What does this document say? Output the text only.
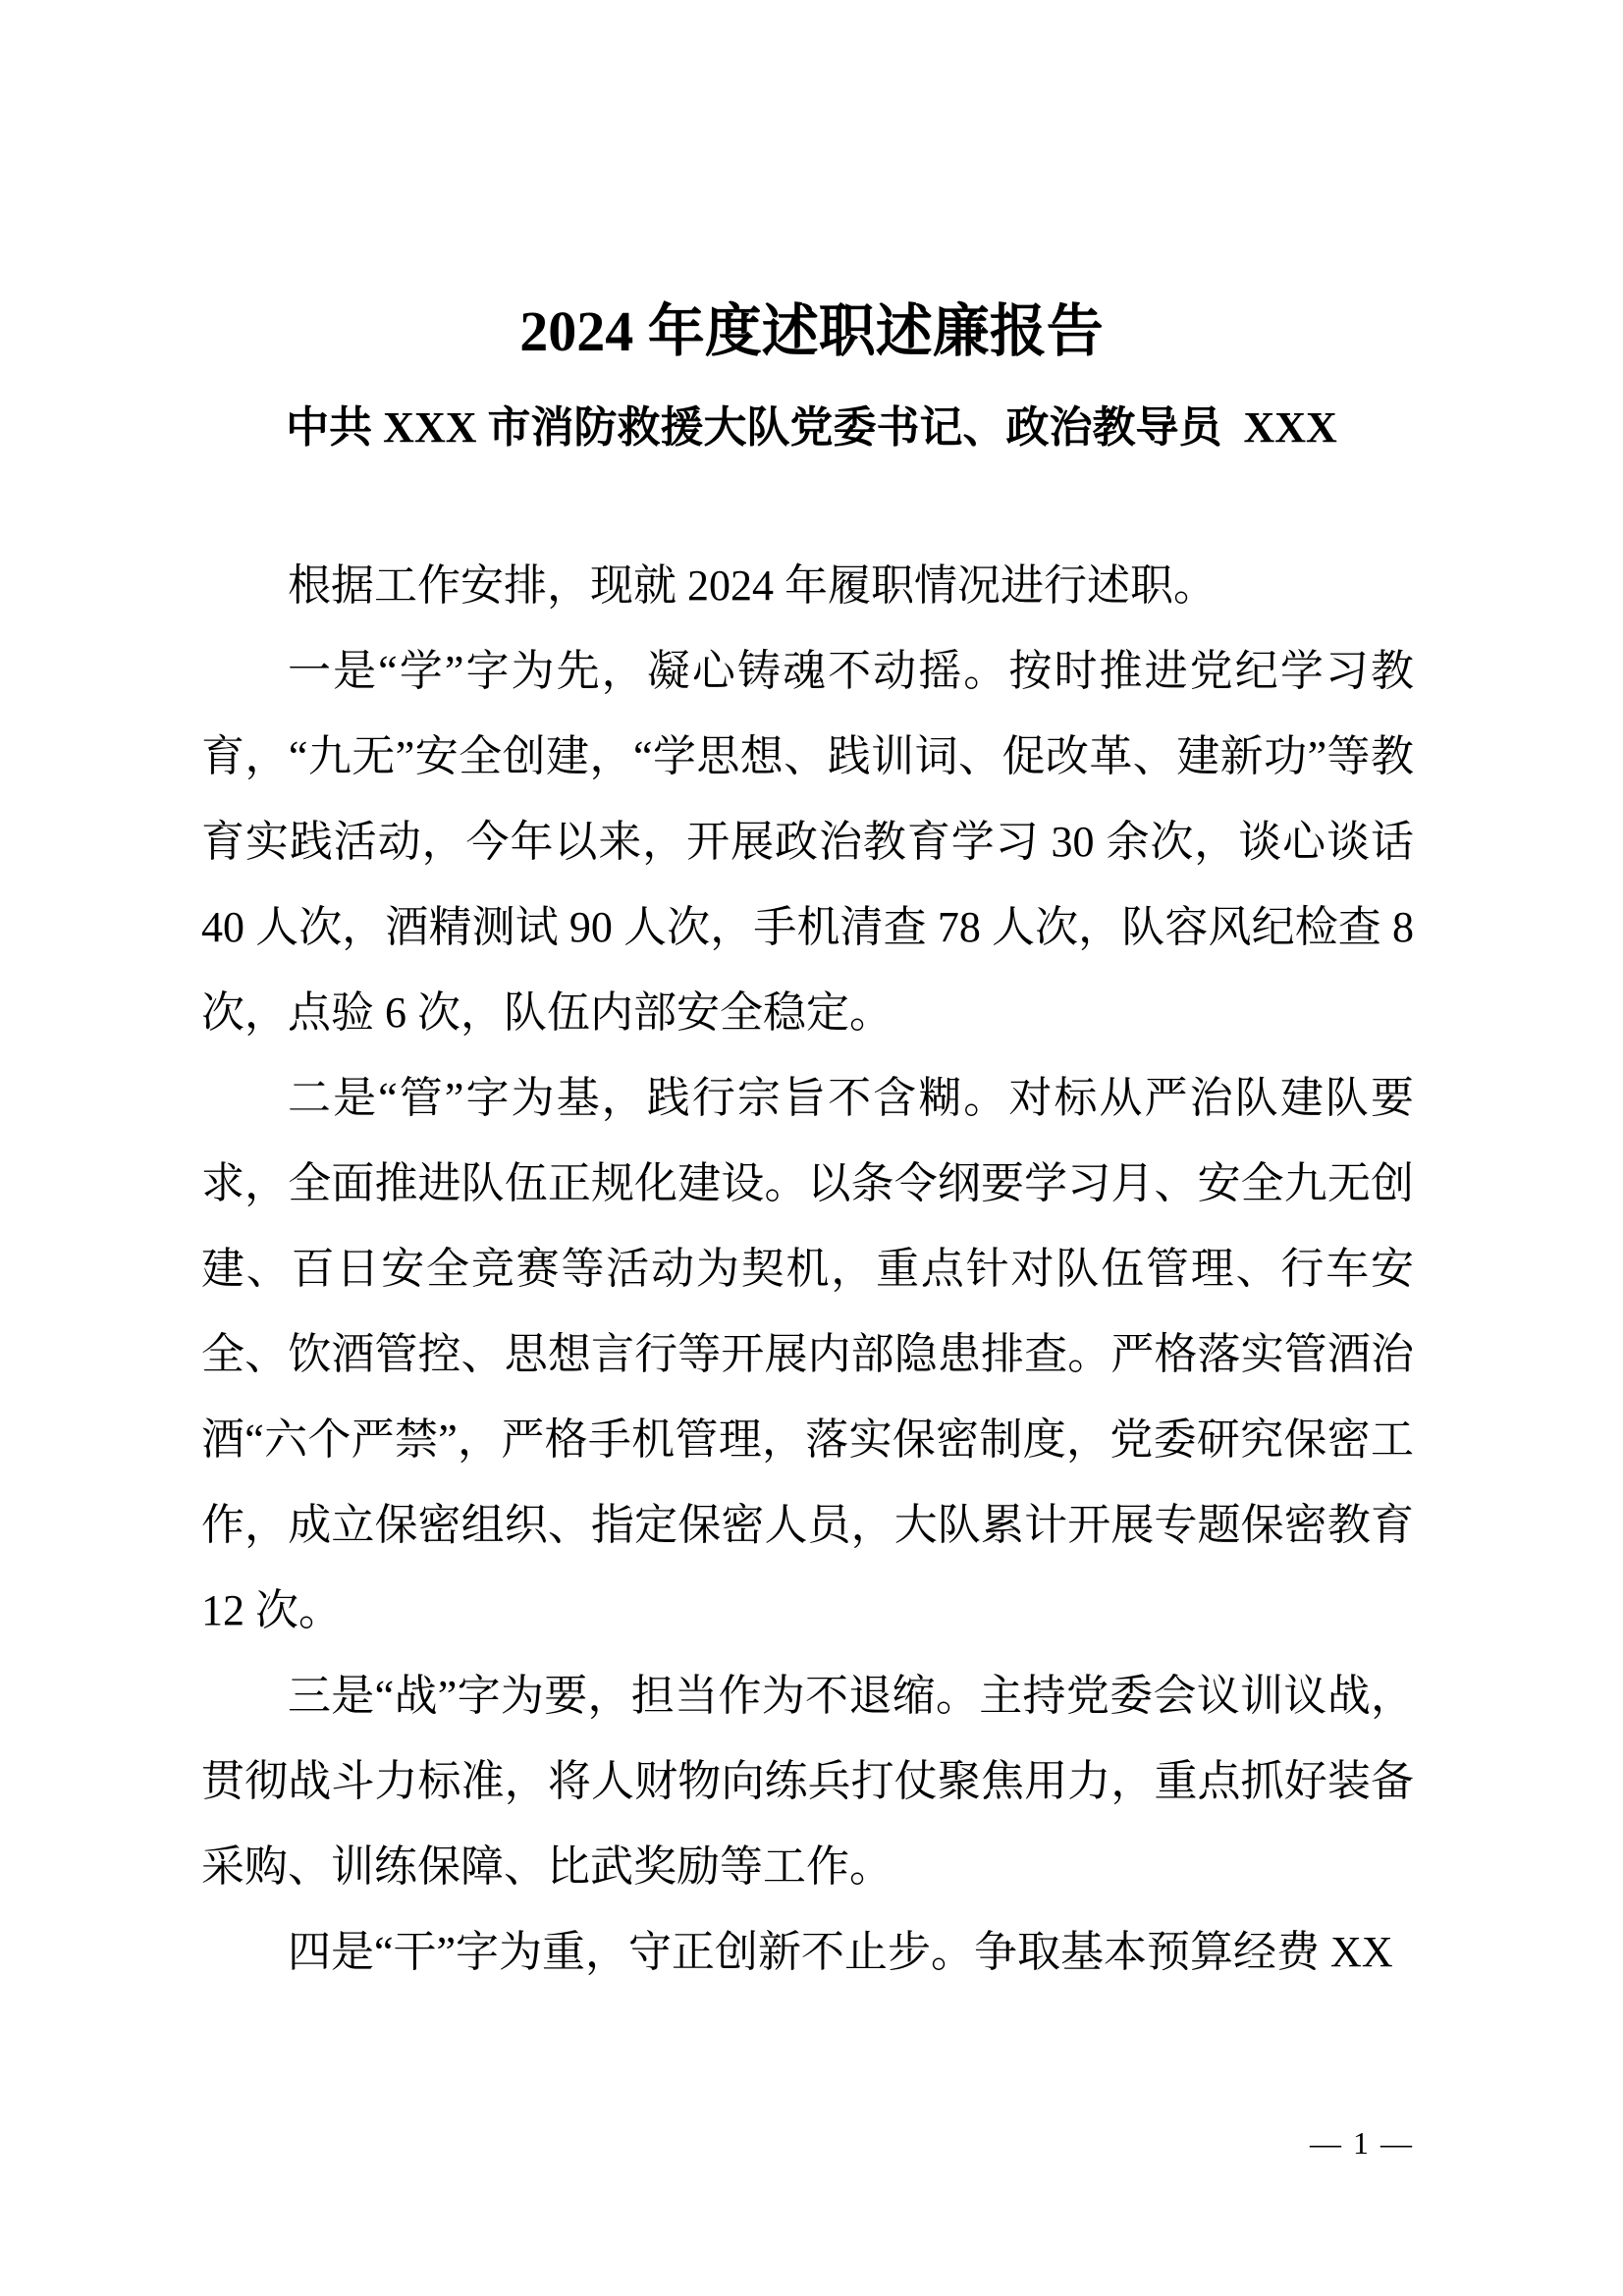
2024 年度述职述廉报告
中共 XXX 市消防救援大队党委书记、政治教导员  XXX

根据工作安排，现就 2024 年履职情况进行述职。

一是“学”字为先，凝心铸魂不动摇。按时推进党纪学习教育，“九无”安全创建，“学思想、践训词、促改革、建新功”等教育实践活动，今年以来，开展政治教育学习 30 余次，谈心谈话 40 人次，酒精测试 90 人次，手机清查 78 人次，队容风纪检查 8 次，点验 6 次，队伍内部安全稳定。

二是“管”字为基，践行宗旨不含糊。对标从严治队建队要求，全面推进队伍正规化建设。以条令纲要学习月、安全九无创建、百日安全竞赛等活动为契机，重点针对队伍管理、行车安全、饮酒管控、思想言行等开展内部隐患排查。严格落实管酒治酒“六个严禁”，严格手机管理，落实保密制度，党委研究保密工作，成立保密组织、指定保密人员，大队累计开展专题保密教育 12 次。

三是“战”字为要，担当作为不退缩。主持党委会议训议战，贯彻战斗力标准，将人财物向练兵打仗聚焦用力，重点抓好装备采购、训练保障、比武奖励等工作。

四是“干”字为重，守正创新不止步。争取基本预算经费 XX

— 1 —
